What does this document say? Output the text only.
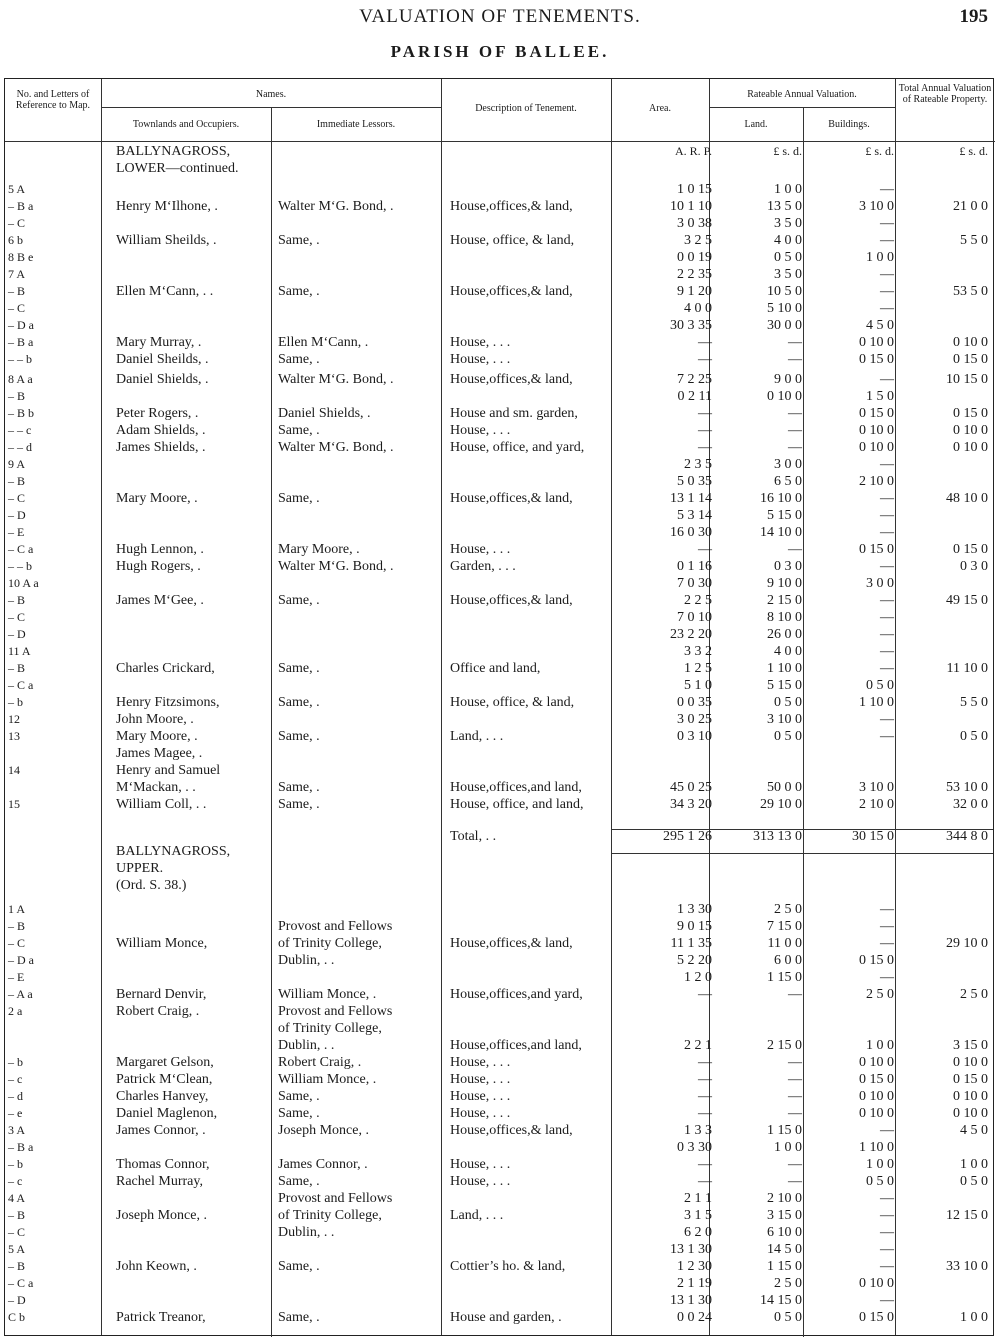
VALUATION OF TENEMENTS.	195
PARISH OF BALLEE.
No. and Letters of Reference to Map.
Names.
Townlands and Occupiers.	Immediate Lessors.
Description of Tenement.	Area.
Rateable Annual Valuation.
Land.	Buildings.
Total Annual Valuation of Rateable Property.
BALLYNAGROSS,	A. R. P.	£ s. d.	£ s. d.	£ s. d.
LOWER—continued.
5 A	1 0 15	1 0 0	—
– B a	Henry M‘Ilhone, .	Walter M‘G. Bond, .	House,offices,& land,	10 1 10	13 5 0	3 10 0	21 0 0
– C	3 0 38	3 5 0	—
6 b	William Sheilds, .	Same, .	House, office, & land,	3 2 5	4 0 0	—	5 5 0
8 B e	0 0 19	0 5 0	1 0 0
7 A	2 2 35	3 5 0	—
– B	Ellen M‘Cann, . .	Same, .	House,offices,& land,	9 1 20	10 5 0	—	53 5 0
– C	4 0 0	5 10 0	—
– D a	30 3 35	30 0 0	4 5 0
– B a	Mary Murray, .	Ellen M‘Cann, .	House, . . .	—	—	0 10 0	0 10 0
– – b	Daniel Sheilds, .	Same, .	House, . . .	—	—	0 15 0	0 15 0
8 A a	Daniel Shields, .	Walter M‘G. Bond, .	House,offices,& land,	7 2 25	9 0 0	—	10 15 0
– B	0 2 11	0 10 0	1 5 0
– B b	Peter Rogers, .	Daniel Shields, .	House and sm. garden,	—	—	0 15 0	0 15 0
– – c	Adam Shields, .	Same, .	House, . . .	—	—	0 10 0	0 10 0
– – d	James Shields, .	Walter M‘G. Bond, .	House, office, and yard,	—	—	0 10 0	0 10 0
9 A	2 3 5	3 0 0	—
– B	5 0 35	6 5 0	2 10 0
– C	Mary Moore, .	Same, .	House,offices,& land,	13 1 14	16 10 0	—	48 10 0
– D	5 3 14	5 15 0	—
– E	16 0 30	14 10 0	—
– C a	Hugh Lennon, .	Mary Moore, .	House, . . .	—	—	0 15 0	0 15 0
– – b	Hugh Rogers, .	Walter M‘G. Bond, .	Garden, . . .	0 1 16	0 3 0	—	0 3 0
10 A a	7 0 30	9 10 0	3 0 0
– B	James M‘Gee, .	Same, .	House,offices,& land,	2 2 5	2 15 0	—	49 15 0
– C	7 0 10	8 10 0	—
– D	23 2 20	26 0 0	—
11 A	3 3 2	4 0 0	—
– B	Charles Crickard,	Same, .	Office and land,	1 2 5	1 10 0	—	11 10 0
– C a	5 1 0	5 15 0	0 5 0
– b	Henry Fitzsimons,	Same, .	House, office, & land,	0 0 35	0 5 0	1 10 0	5 5 0
12	John Moore, .	3 0 25	3 10 0	—
13	Mary Moore, .	Same, .	Land, . . .	0 3 10	0 5 0	—	0 5 0
James Magee, .
14	Henry and Samuel
M‘Mackan, . .	Same, .	House,offices,and land,	45 0 25	50 0 0	3 10 0	53 10 0
15	William Coll, . .	Same, .	House, office, and land,	34 3 20	29 10 0	2 10 0	32 0 0
Total, . .	295 1 26	313 13 0	30 15 0	344 8 0
BALLYNAGROSS,
UPPER.
(Ord. S. 38.)
1 A	1 3 30	2 5 0	—
– B	Provost and Fellows	9 0 15	7 15 0	—
– C	William Monce,	of Trinity College,	House,offices,& land,	11 1 35	11 0 0	—	29 10 0
– D a	Dublin, . .	5 2 20	6 0 0	0 15 0
– E	1 2 0	1 15 0	—
– A a	Bernard Denvir,	William Monce, .	House,offices,and yard,	—	—	2 5 0	2 5 0
2 a	Robert Craig, .	Provost and Fellows
of Trinity College,
Dublin, . .	House,offices,and land,	2 2 1	2 15 0	1 0 0	3 15 0
– b	Margaret Gelson,	Robert Craig, .	House, . . .	—	—	0 10 0	0 10 0
– c	Patrick M‘Clean,	William Monce, .	House, . . .	—	—	0 15 0	0 15 0
– d	Charles Hanvey,	Same, .	House, . . .	—	—	0 10 0	0 10 0
– e	Daniel Maglenon,	Same, .	House, . . .	—	—	0 10 0	0 10 0
3 A	James Connor, .	Joseph Monce, .	House,offices,& land,	1 3 3	1 15 0	—	4 5 0
– B a	0 3 30	1 0 0	1 10 0
– b	Thomas Connor,	James Connor, .	House, . . .	—	—	1 0 0	1 0 0
– c	Rachel Murray,	Same, .	House, . . .	—	—	0 5 0	0 5 0
4 A	Provost and Fellows	2 1 1	2 10 0	—
– B	Joseph Monce, .	of Trinity College,	Land, . . .	3 1 5	3 15 0	—	12 15 0
– C	Dublin, . .	6 2 0	6 10 0	—
5 A	13 1 30	14 5 0	—
– B	John Keown, .	Same, .	Cottier’s ho. & land,	1 2 30	1 15 0	—	33 10 0
– C a	2 1 19	2 5 0	0 10 0
– D	13 1 30	14 15 0	—
C b	Patrick Treanor,	Same, .	House and garden, .	0 0 24	0 5 0	0 15 0	1 0 0
